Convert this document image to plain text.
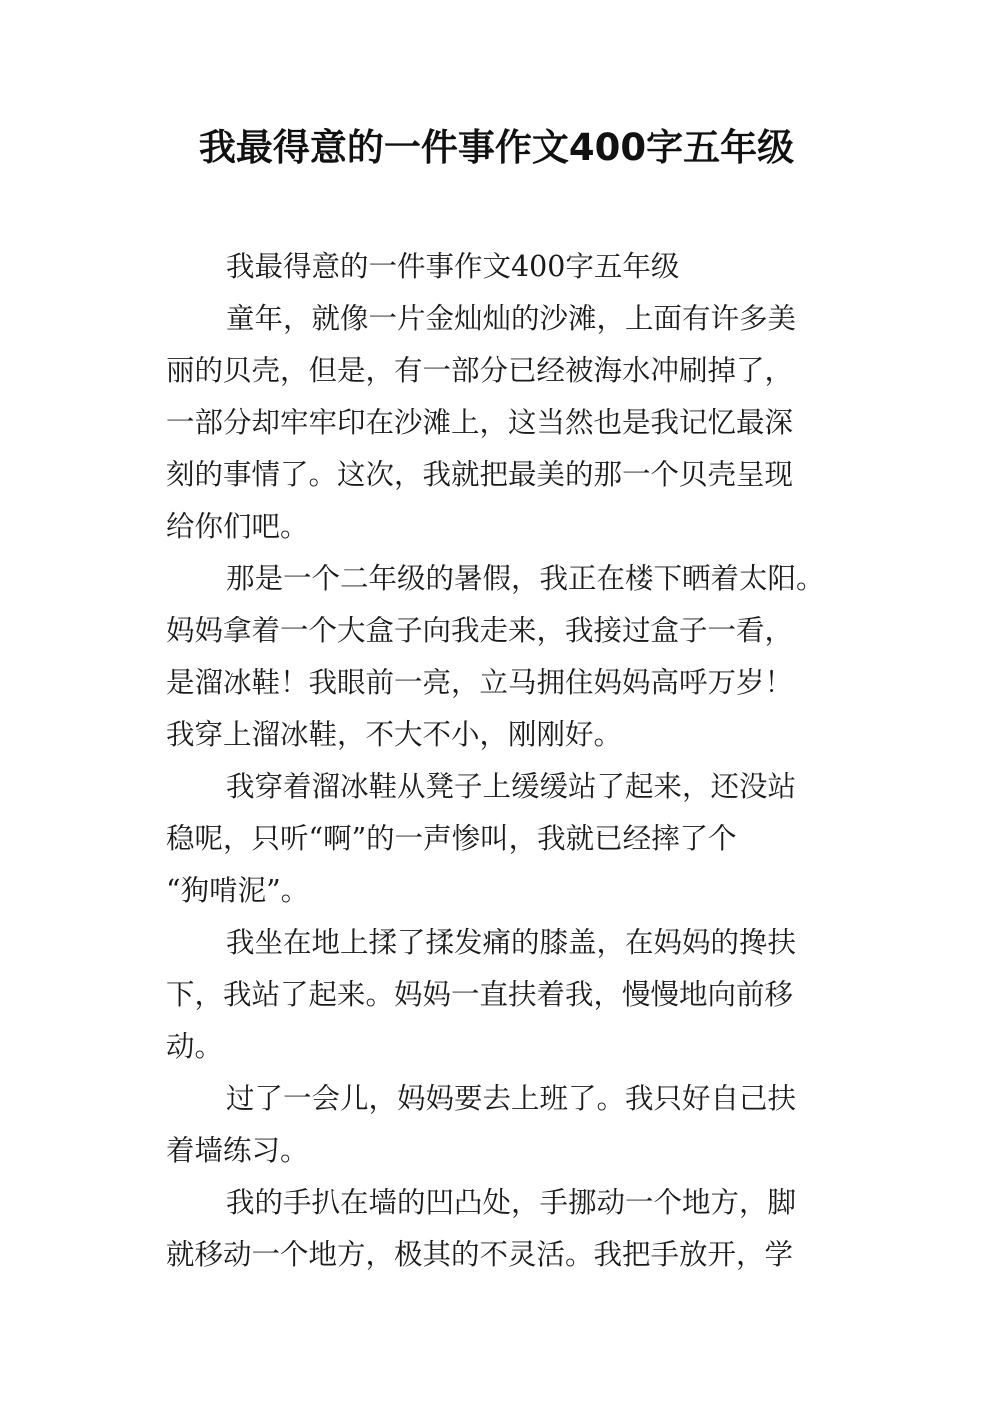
我最得意的一件事作文400字五年级
我最得意的一件事作文400字五年级
童年，就像一片金灿灿的沙滩，上面有许多美
丽的贝壳，但是，有一部分已经被海水冲刷掉了，
一部分却牢牢印在沙滩上，这当然也是我记忆最深
刻的事情了。这次，我就把最美的那一个贝壳呈现
给你们吧。
那是一个二年级的暑假，我正在楼下晒着太阳。
妈妈拿着一个大盒子向我走来，我接过盒子一看，
是溜冰鞋！我眼前一亮，立马拥住妈妈高呼万岁！
我穿上溜冰鞋，不大不小，刚刚好。
我穿着溜冰鞋从凳子上缓缓站了起来，还没站
稳呢，只听“啊”的一声惨叫，我就已经摔了个
“狗啃泥”。
我坐在地上揉了揉发痛的膝盖，在妈妈的搀扶
下，我站了起来。妈妈一直扶着我，慢慢地向前移
动。
过了一会儿，妈妈要去上班了。我只好自己扶
着墙练习。
我的手扒在墙的凹凸处，手挪动一个地方，脚
就移动一个地方，极其的不灵活。我把手放开，学
